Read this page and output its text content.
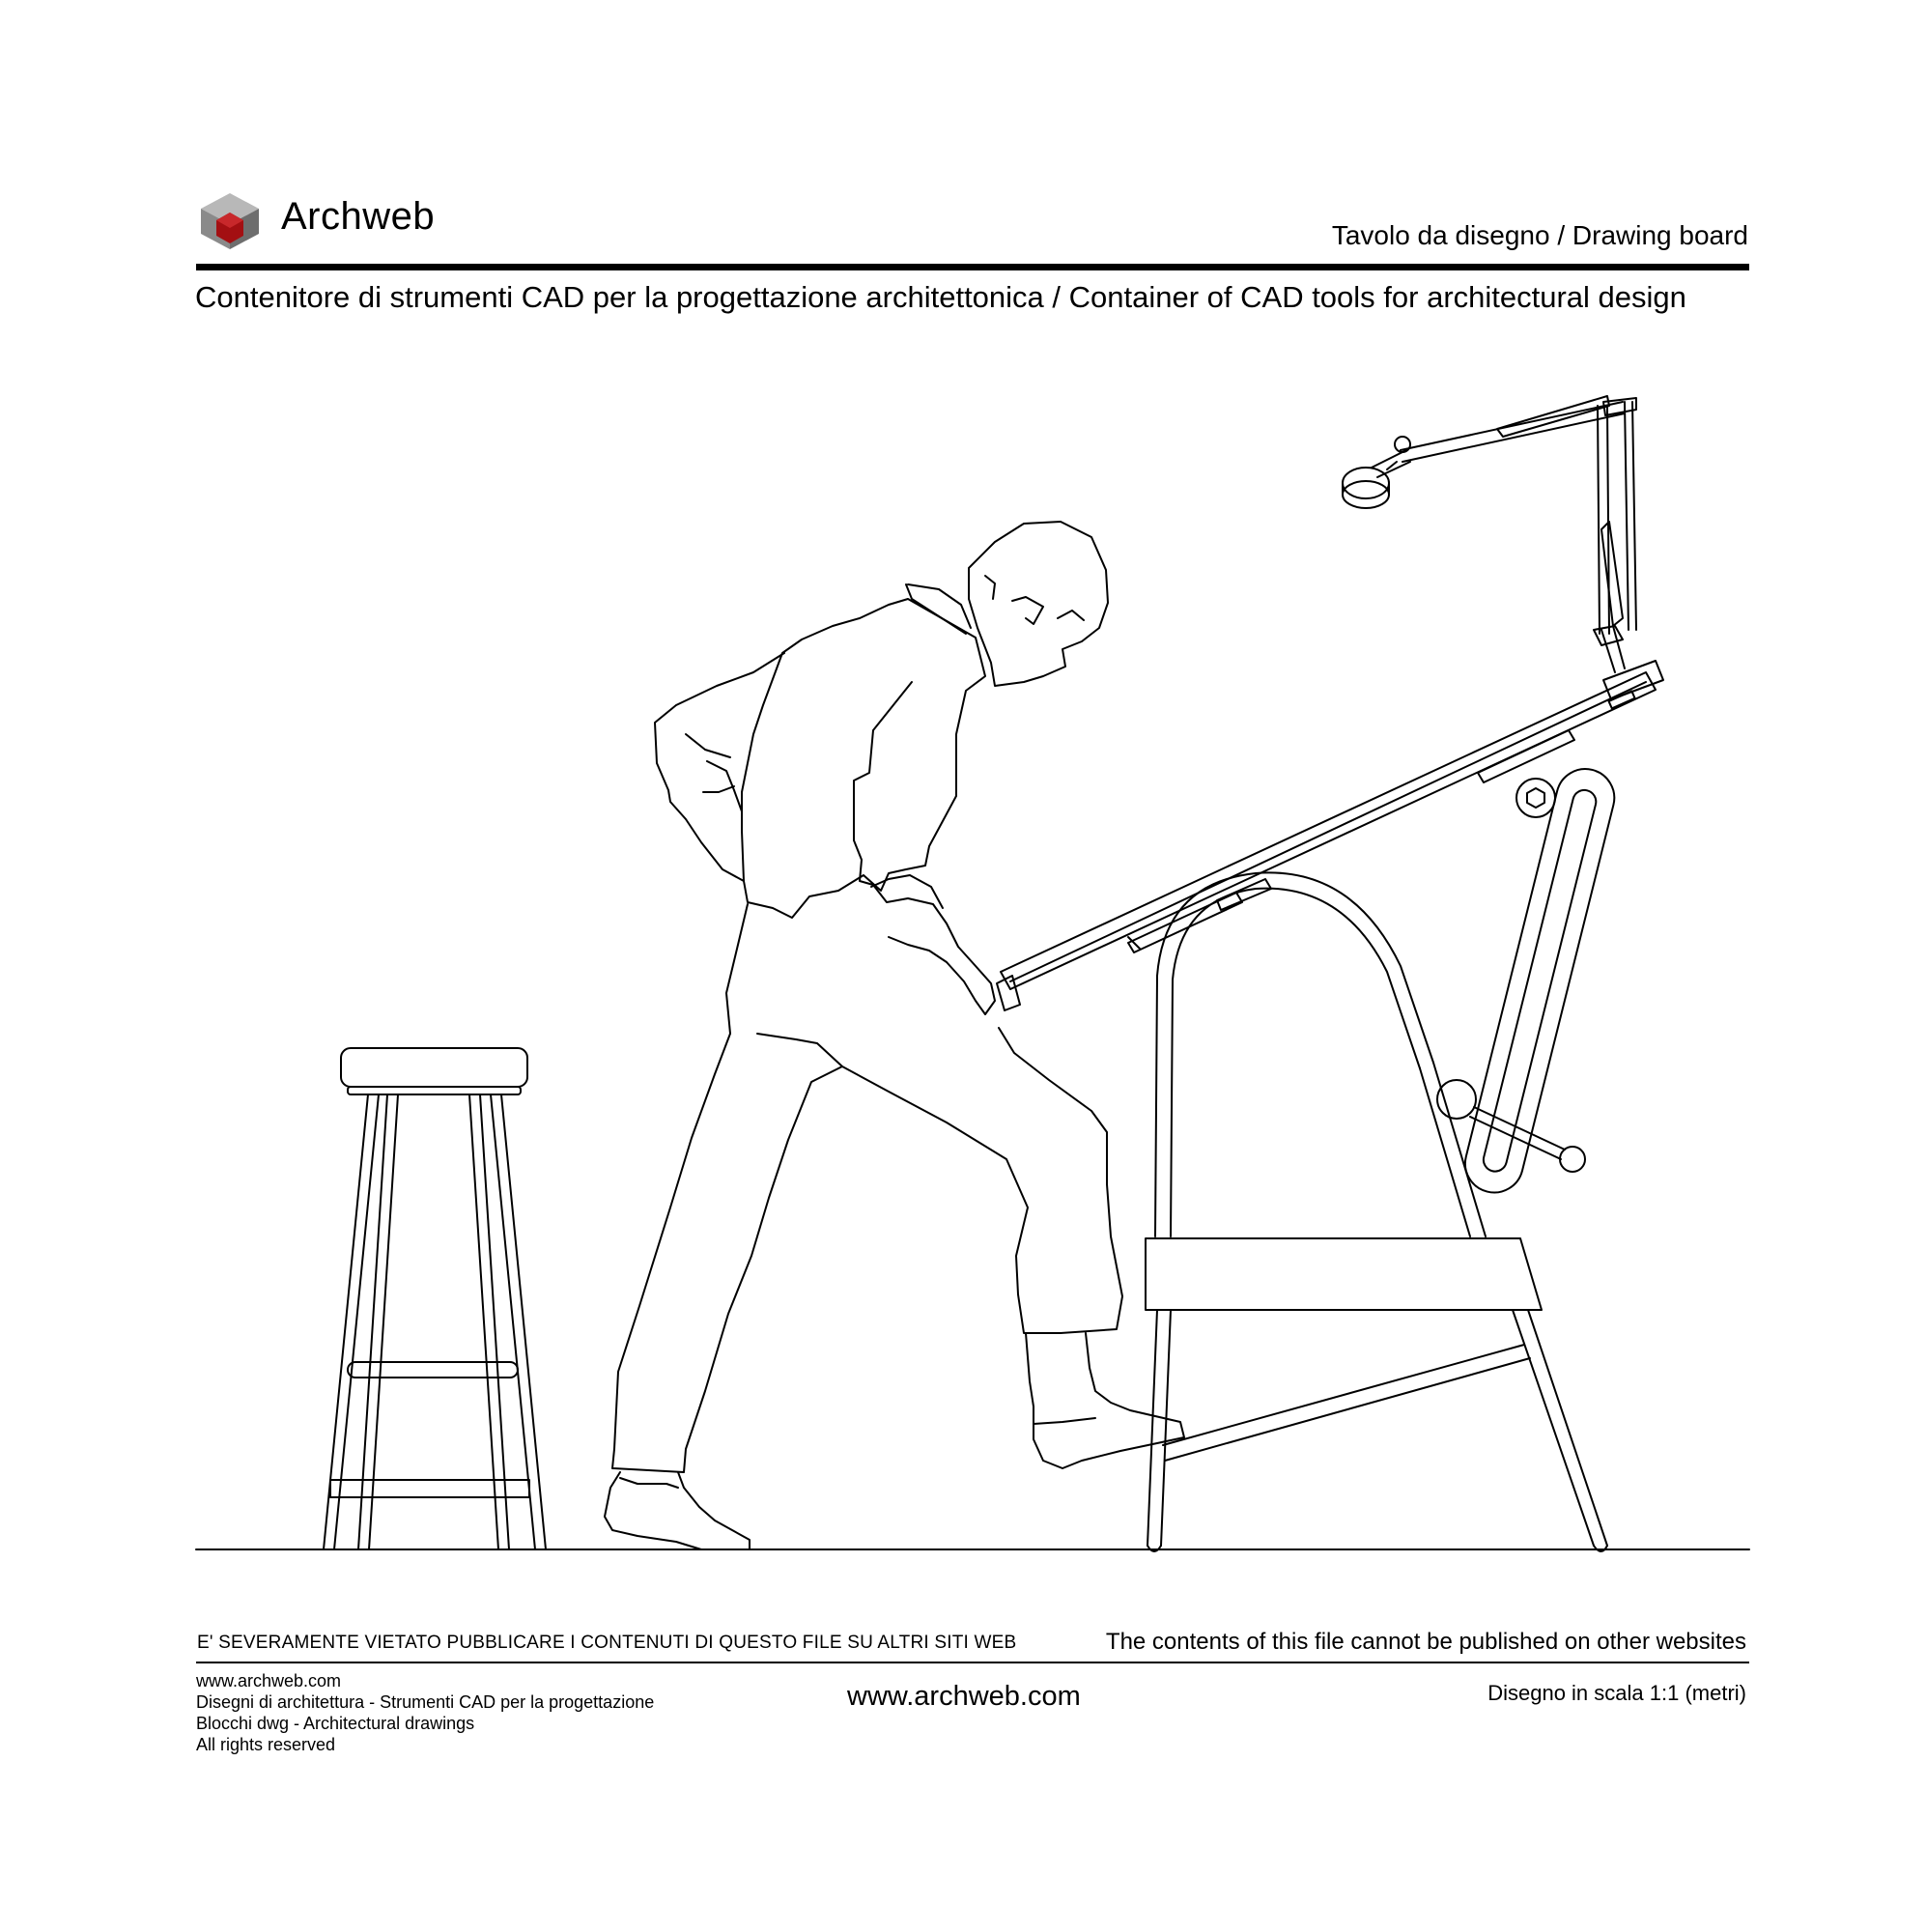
Archweb	Tavolo da disegno / Drawing board
Contenitore di strumenti CAD per la progettazione architettonica / Container of CAD tools for architectural design
E' SEVERAMENTE VIETATO PUBBLICARE I CONTENUTI DI QUESTO FILE SU ALTRI SITI WEB	The contents of this file cannot be published on other websites
www.archweb.com
Disegni di architettura - Strumenti CAD per la progettazione
Blocchi dwg - Architectural drawings
All rights reserved
www.archweb.com	Disegno in scala 1:1 (metri)
